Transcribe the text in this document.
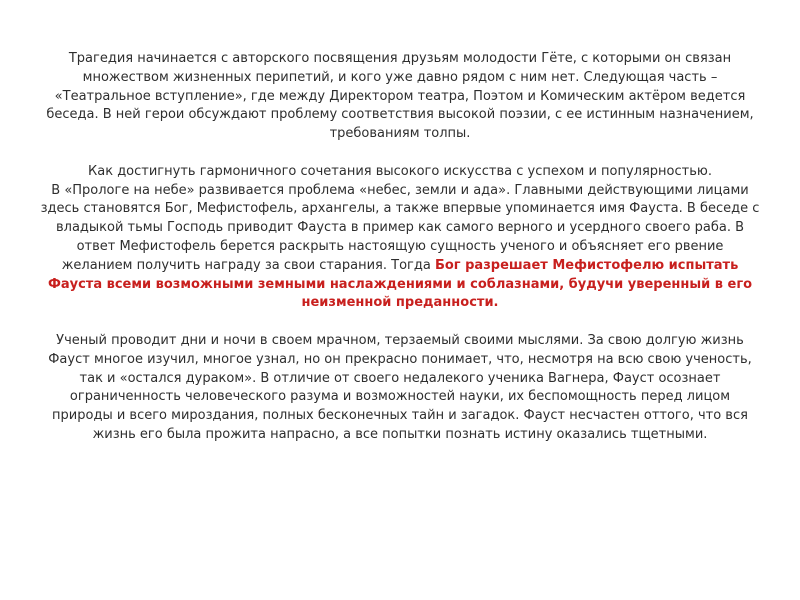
Трагедия начинается с авторского посвящения друзьям молодости Гёте, с которыми он связан множеством жизненных перипетий, и кого уже давно рядом с ним нет. Следующая часть – «Театральное вступление», где между Директором театра, Поэтом и Комическим актёром ведется беседа. В ней герои обсуждают проблему соответствия высокой поэзии, с ее истинным назначением, требованиям толпы.

Как достигнуть гармоничного сочетания высокого искусства с успехом и популярностью.

В «Прологе на небе» развивается проблема «небес, земли и ада». Главными действующими лицами здесь становятся Бог, Мефистофель, архангелы, а также впервые упоминается имя Фауста. В беседе с владыкой тьмы Господь приводит Фауста в пример как самого верного и усердного своего раба. В ответ Мефистофель берется раскрыть настоящую сущность ученого и объясняет его рвение желанием получить награду за свои старания. Тогда Бог разрешает Мефистофелю испытать Фауста всеми возможными земными наслаждениями и соблазнами, будучи уверенный в его неизменной преданности.

Ученый проводит дни и ночи в своем мрачном, терзаемый своими мыслями. За свою долгую жизнь Фауст многое изучил, многое узнал, но он прекрасно понимает, что, несмотря на всю свою ученость, так и «остался дураком». В отличие от своего недалекого ученика Вагнера, Фауст осознает ограниченность человеческого разума и возможностей науки, их беспомощность перед лицом природы и всего мироздания, полных бесконечных тайн и загадок. Фауст несчастен оттого, что вся жизнь его была прожита напрасно, а все попытки познать истину оказались тщетными.
